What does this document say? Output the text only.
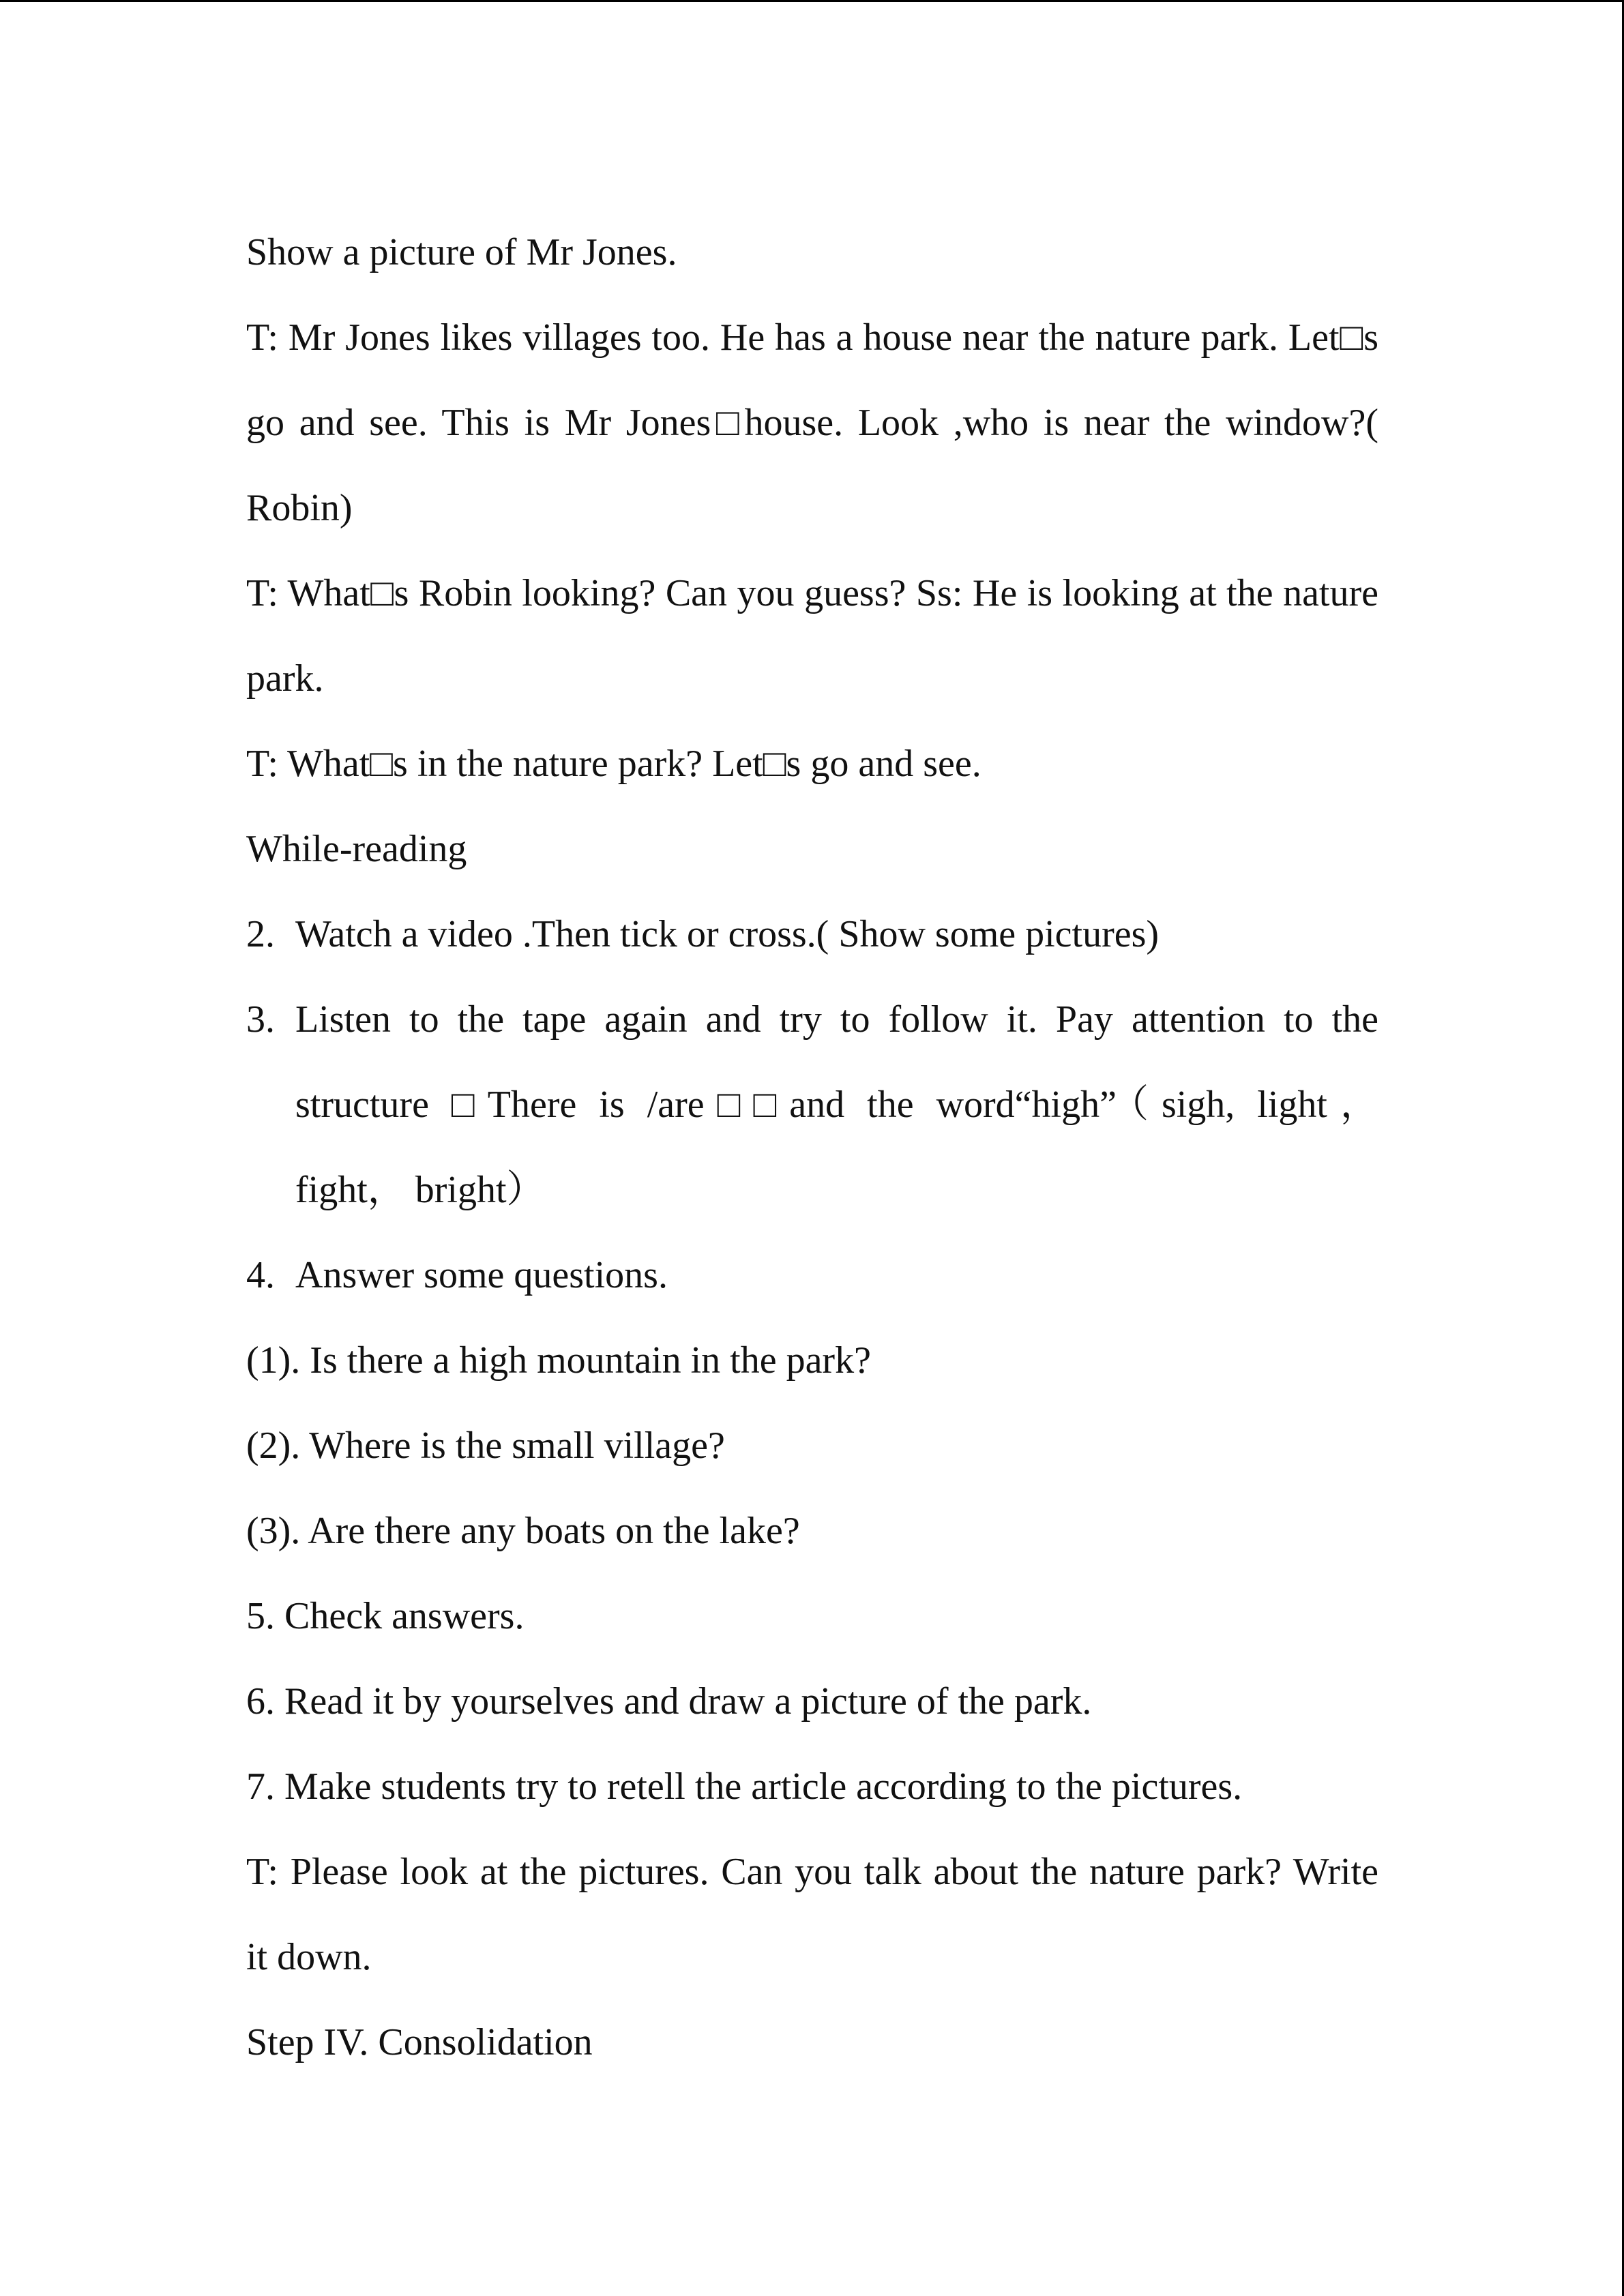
Show a picture of Mr Jones.
T: Mr Jones likes villages too. He has a house near the nature park. Let□s
go and see. This is Mr Jones□house. Look ,who is near the window?(
Robin)
T: What□s Robin looking? Can you guess? Ss: He is looking at the nature
park.
T: What□s in the nature park? Let□s go and see.
While-reading
2. Watch a video .Then tick or cross.( Show some pictures)
3. Listen to the tape again and try to follow it. Pay attention to the
structure □There is /are□□and the word“high”（sigh, light，
fight， bright）
4. Answer some questions.
(1). Is there a high mountain in the park?
(2). Where is the small village?
(3). Are there any boats on the lake?
5. Check answers.
6. Read it by yourselves and draw a picture of the park.
7. Make students try to retell the article according to the pictures.
T: Please look at the pictures. Can you talk about the nature park? Write
it down.
Step IV. Consolidation
